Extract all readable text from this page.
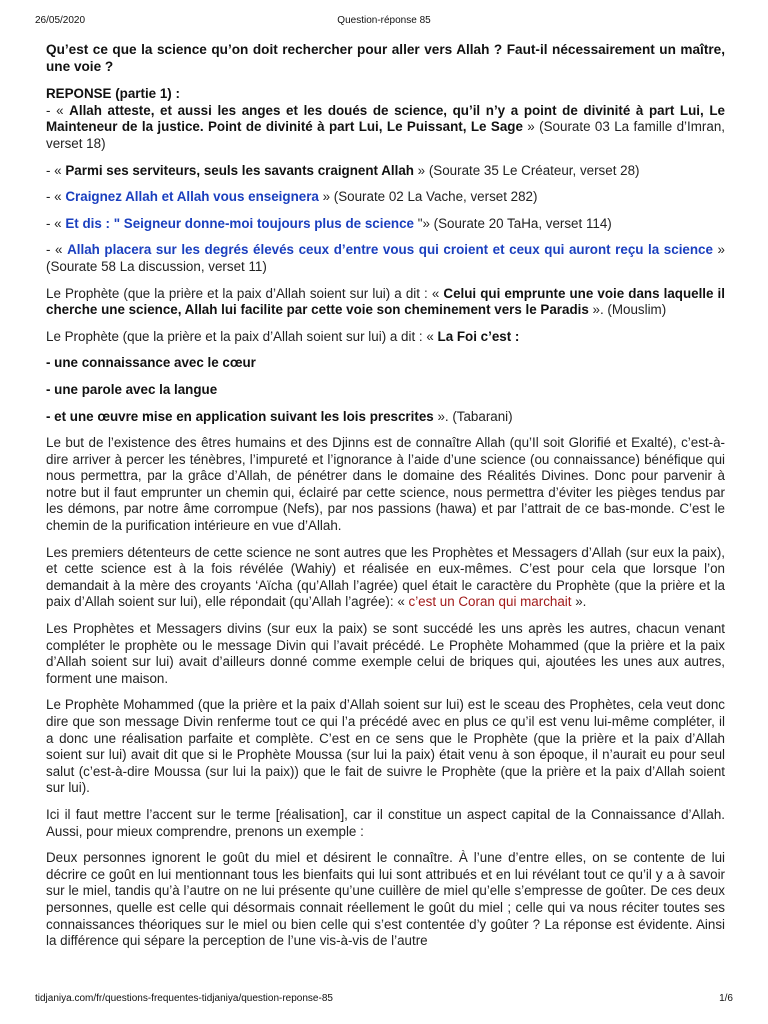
26/05/2020	Question-réponse 85

Qu’est ce que la science qu’on doit rechercher pour aller vers Allah ? Faut-il nécessairement un maître, une voie ?

REPONSE (partie 1) :

- « Allah atteste, et aussi les anges et les doués de science, qu’il n’y a point de divinité à part Lui, Le Mainteneur de la justice. Point de divinité à part Lui, Le Puissant, Le Sage » (Sourate 03 La famille d’Imran, verset 18)

- « Parmi ses serviteurs, seuls les savants craignent Allah » (Sourate 35 Le Créateur, verset 28)

- « Craignez Allah et Allah vous enseignera » (Sourate 02 La Vache, verset 282)

- « Et dis : " Seigneur donne-moi toujours plus de science "» (Sourate 20 TaHa, verset 114)

- « Allah placera sur les degrés élevés ceux d’entre vous qui croient et ceux qui auront reçu la science » (Sourate 58 La discussion, verset 11)

Le Prophète (que la prière et la paix d’Allah soient sur lui) a dit : « Celui qui emprunte une voie dans laquelle il cherche une science, Allah lui facilite par cette voie son cheminement vers le Paradis ». (Mouslim)

Le Prophète (que la prière et la paix d’Allah soient sur lui) a dit : « La Foi c’est :

- une connaissance avec le cœur

- une parole avec la langue

- et une œuvre mise en application suivant les lois prescrites ». (Tabarani)

Le but de l’existence des êtres humains et des Djinns est de connaître Allah (qu’Il soit Glorifié et Exalté), c’est-à-dire arriver à percer les ténèbres, l’impureté et l’ignorance à l’aide d’une science (ou connaissance) bénéfique qui nous permettra, par la grâce d’Allah, de pénétrer dans le domaine des Réalités Divines. Donc pour parvenir à notre but il faut emprunter un chemin qui, éclairé par cette science, nous permettra d’éviter les pièges tendus par les démons, par notre âme corrompue (Nefs), par nos passions (hawa) et par l’attrait de ce bas-monde. C’est le chemin de la purification intérieure en vue d’Allah.

Les premiers détenteurs de cette science ne sont autres que les Prophètes et Messagers d’Allah (sur eux la paix), et cette science est à la fois révélée (Wahiy) et réalisée en eux-mêmes. C’est pour cela que lorsque l’on demandait à la mère des croyants ‘Aïcha (qu’Allah l’agrée) quel était le caractère du Prophète (que la prière et la paix d’Allah soient sur lui), elle répondait (qu’Allah l’agrée): « c’est un Coran qui marchait ».

Les Prophètes et Messagers divins (sur eux la paix) se sont succédé les uns après les autres, chacun venant compléter le prophète ou le message Divin qui l’avait précédé. Le Prophète Mohammed (que la prière et la paix d’Allah soient sur lui) avait d’ailleurs donné comme exemple celui de briques qui, ajoutées les unes aux autres, forment une maison.

Le Prophète Mohammed (que la prière et la paix d’Allah soient sur lui) est le sceau des Prophètes, cela veut donc dire que son message Divin renferme tout ce qui l’a précédé avec en plus ce qu’il est venu lui-même compléter, il a donc une réalisation parfaite et complète. C’est en ce sens que le Prophète (que la prière et la paix d’Allah soient sur lui) avait dit que si le Prophète Moussa (sur lui la paix) était venu à son époque, il n’aurait eu pour seul salut (c’est-à-dire Moussa (sur lui la paix)) que le fait de suivre le Prophète (que la prière et la paix d’Allah soient sur lui).

Ici il faut mettre l’accent sur le terme [réalisation], car il constitue un aspect capital de la Connaissance d’Allah. Aussi, pour mieux comprendre, prenons un exemple :

Deux personnes ignorent le goût du miel et désirent le connaître. À l’une d’entre elles, on se contente de lui décrire ce goût en lui mentionnant tous les bienfaits qui lui sont attribués et en lui révélant tout ce qu’il y a à savoir sur le miel, tandis qu’à l’autre on ne lui présente qu’une cuillère de miel qu’elle s’empresse de goûter. De ces deux personnes, quelle est celle qui désormais connait réellement le goût du miel ; celle qui va nous réciter toutes ses connaissances théoriques sur le miel ou bien celle qui s’est contentée d’y goûter ? La réponse est évidente. Ainsi la différence qui sépare la perception de l’une vis-à-vis de l’autre

tidjaniya.com/fr/questions-frequentes-tidjaniya/question-reponse-85	1/6
